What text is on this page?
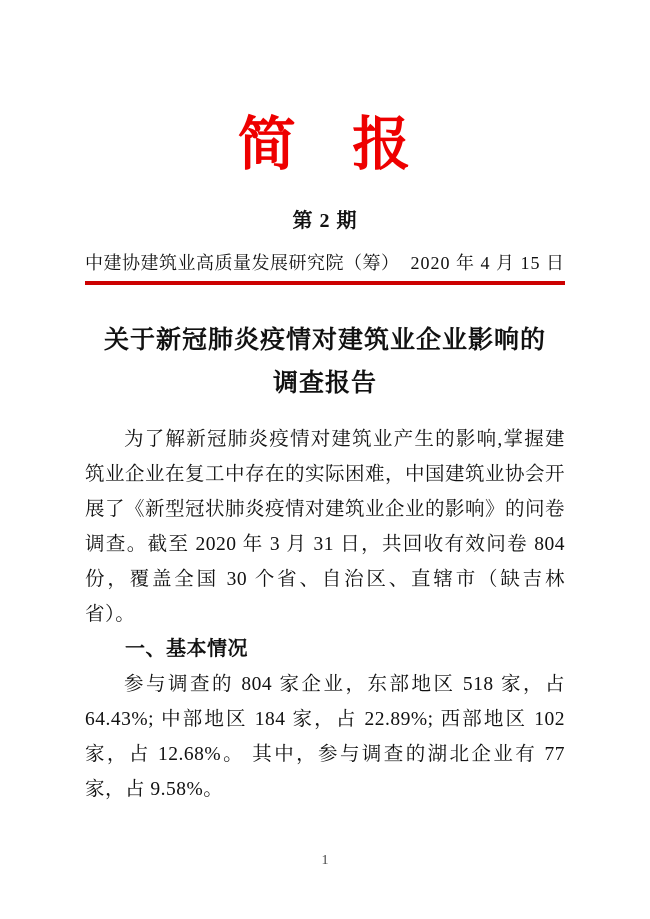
简 报
第 2 期
中建协建筑业高质量发展研究院（筹） 2020 年 4 月 15 日
关于新冠肺炎疫情对建筑业企业影响的
调查报告

为了解新冠肺炎疫情对建筑业产生的影响,掌握建筑业企业在复工中存在的实际困难，中国建筑业协会开展了《新型冠状肺炎疫情对建筑业企业的影响》的问卷调查。截至 2020 年 3 月 31 日，共回收有效问卷 804 份，覆盖全国 30 个省、自治区、直辖市（缺吉林省）。

一、基本情况

参与调查的 804 家企业，东部地区 518 家，占 64.43%; 中部地区 184 家，占 22.89%; 西部地区 102 家，占 12.68%。 其中，参与调查的湖北企业有 77 家，占 9.58%。

1
